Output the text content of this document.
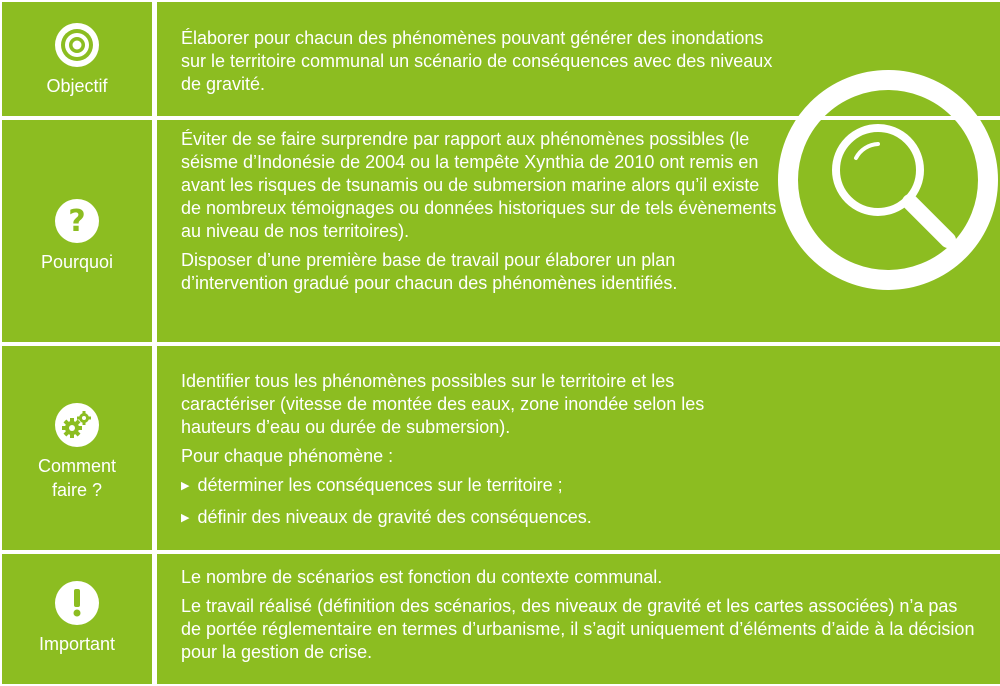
Objectif

Élaborer pour chacun des phénomènes pouvant générer des inondations sur le territoire communal un scénario de conséquences avec des niveaux de gravité.

?
Pourquoi

Éviter de se faire surprendre par rapport aux phénomènes possibles (le séisme d’Indonésie de 2004 ou la tempête Xynthia de 2010 ont remis en avant les risques de tsunamis ou de submersion marine alors qu’il existe de nombreux témoignages ou données historiques sur de tels évènements au niveau de nos territoires).

Disposer d’une première base de travail pour élaborer un plan d’intervention gradué pour chacun des phénomènes identifiés.

Comment
faire ?

Identifier tous les phénomènes possibles sur le territoire et les caractériser (vitesse de montée des eaux, zone inondée selon les hauteurs d’eau ou durée de submersion).

Pour chaque phénomène :

▶ déterminer les conséquences sur le territoire ;

▶ définir des niveaux de gravité des conséquences.

Important

Le nombre de scénarios est fonction du contexte communal.

Le travail réalisé (définition des scénarios, des niveaux de gravité et les cartes associées) n’a pas de portée réglementaire en termes d’urbanisme, il s’agit uniquement d’éléments d’aide à la décision pour la gestion de crise.
